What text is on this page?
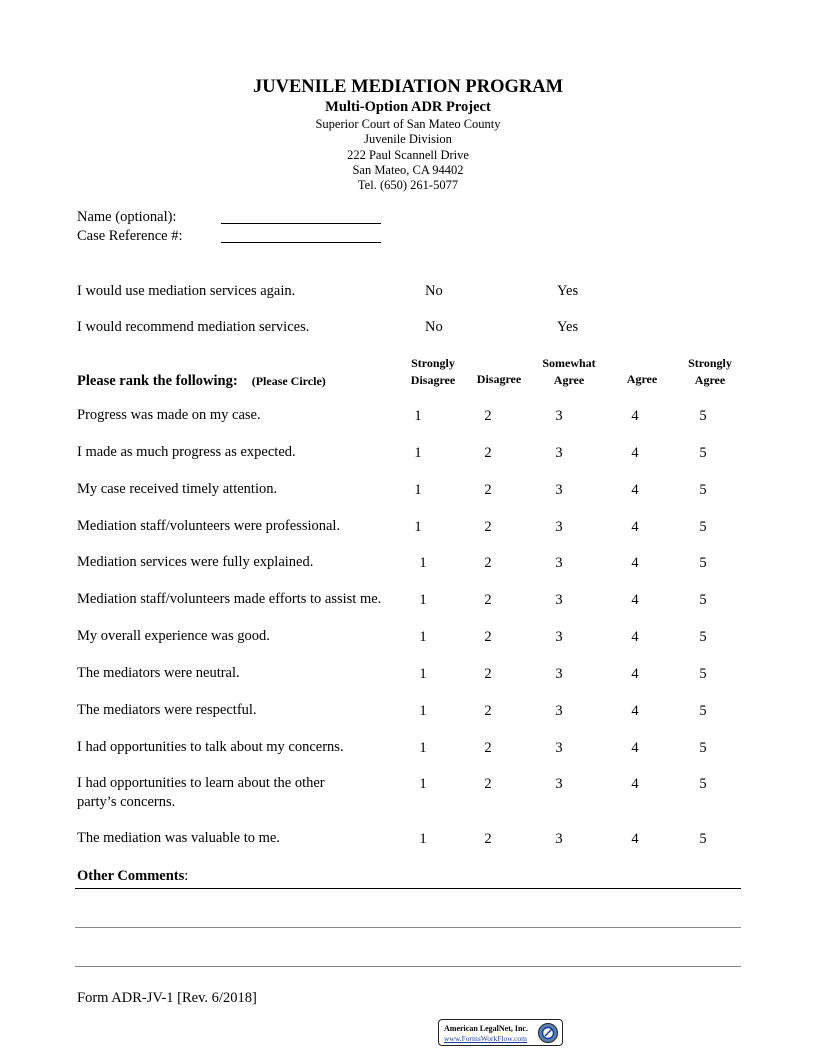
JUVENILE MEDIATION PROGRAM
Multi-Option ADR Project
Superior Court of San Mateo County
Juvenile Division
222 Paul Scannell Drive
San Mateo, CA 94402
Tel. (650) 261-5077
Name (optional):
Case Reference #:
I would use mediation services again.	No	Yes
I would recommend mediation services.	No	Yes
Please rank the following: (Please Circle)
Strongly
Disagree	Disagree
Somewhat
Agree	Agree
Strongly
Agree
Progress was made on my case.	1	2	3	4	5
I made as much progress as expected.	1	2	3	4	5
My case received timely attention.	1	2	3	4	5
Mediation staff/volunteers were professional.	1	2	3	4	5
Mediation services were fully explained.	1	2	3	4	5
Mediation staff/volunteers made efforts to assist me.	1	2	3	4	5
My overall experience was good.	1	2	3	4	5
The mediators were neutral.	1	2	3	4	5
The mediators were respectful.	1	2	3	4	5
I had opportunities to talk about my concerns.	1	2	3	4	5
I had opportunities to learn about the other
party’s concerns.
1	2	3	4	5
The mediation was valuable to me.	1	2	3	4	5
Other Comments:
Form ADR-JV-1 [Rev. 6/2018]
American LegalNet, Inc.
www.FormsWorkFlow.com
